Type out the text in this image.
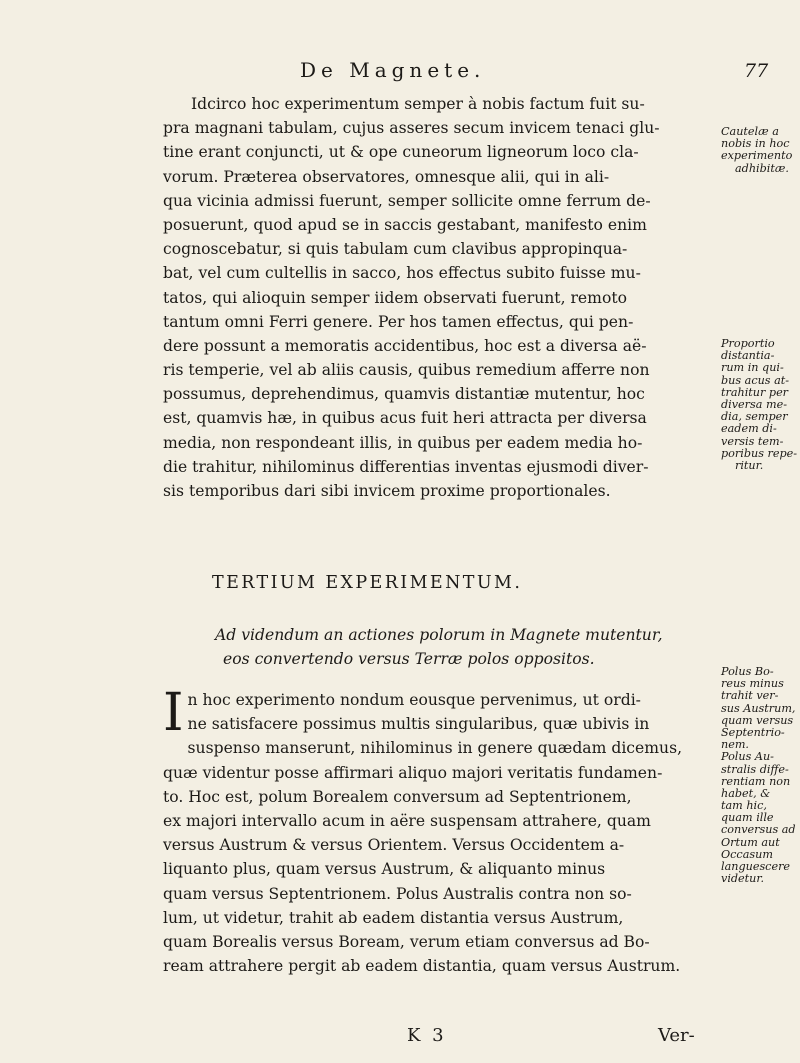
De Magnete.	77
Idcirco hoc experimentum semper à nobis factum fuit su-
pra magnani tabulam, cujus asseres secum invicem tenaci glu-
tine erant conjuncti, ut & ope cuneorum ligneorum loco cla-
vorum. Præterea observatores, omnesque alii, qui in ali-
qua vicinia admissi fuerunt, semper sollicite omne ferrum de-
posuerunt, quod apud se in saccis gestabant, manifesto enim
cognoscebatur, si quis tabulam cum clavibus appropinqua-
bat, vel cum cultellis in sacco, hos effectus subito fuisse mu-
tatos, qui alioquin semper iidem observati fuerunt, remoto
tantum omni Ferri genere. Per hos tamen effectus, qui pen-
dere possunt a memoratis accidentibus, hoc est a diversa aë-
ris temperie, vel ab aliis causis, quibus remedium afferre non
possumus, deprehendimus, quamvis distantiæ mutentur, hoc
est, quamvis hæ, in quibus acus fuit heri attracta per diversa
media, non respondeant illis, in quibus per eadem media ho-
die trahitur, nihilominus differentias inventas ejusmodi diver-
sis temporibus dari sibi invicem proxime proportionales.
TERTIUM EXPERIMENTUM.
Ad videndum an actiones polorum in Magnete mutentur,
eos convertendo versus Terræ polos oppositos.
I n hoc experimento nondum eousque pervenimus, ut ordi-
ne satisfacere possimus multis singularibus, quæ ubivis in
suspenso manserunt, nihilominus in genere quædam dicemus,
quæ videntur posse affirmari aliquo majori veritatis fundamen-
to. Hoc est, polum Borealem conversum ad Septentrionem,
ex majori intervallo acum in aëre suspensam attrahere, quam
versus Austrum & versus Orientem. Versus Occidentem a-
liquanto plus, quam versus Austrum, & aliquanto minus
quam versus Septentrionem. Polus Australis contra non so-
lum, ut videtur, trahit ab eadem distantia versus Austrum,
quam Borealis versus Boream, verum etiam conversus ad Bo-
ream attrahere pergit ab eadem distantia, quam versus Austrum.
Cautelæ a
nobis in hoc
experimento
adhibitæ.
Proportio
distantia-
rum in qui-
bus acus at-
trahitur per
diversa me-
dia, semper
eadem di-
versis tem-
poribus repe-
ritur.
Polus Bo-
reus minus
trahit ver-
sus Austrum,
quam versus
Septentrio-
nem.
Polus Au-
stralis diffe-
rentiam non
habet, &
tam hic,
quam ille
conversus ad
Ortum aut
Occasum
languescere
videtur.
K 3	Ver-
